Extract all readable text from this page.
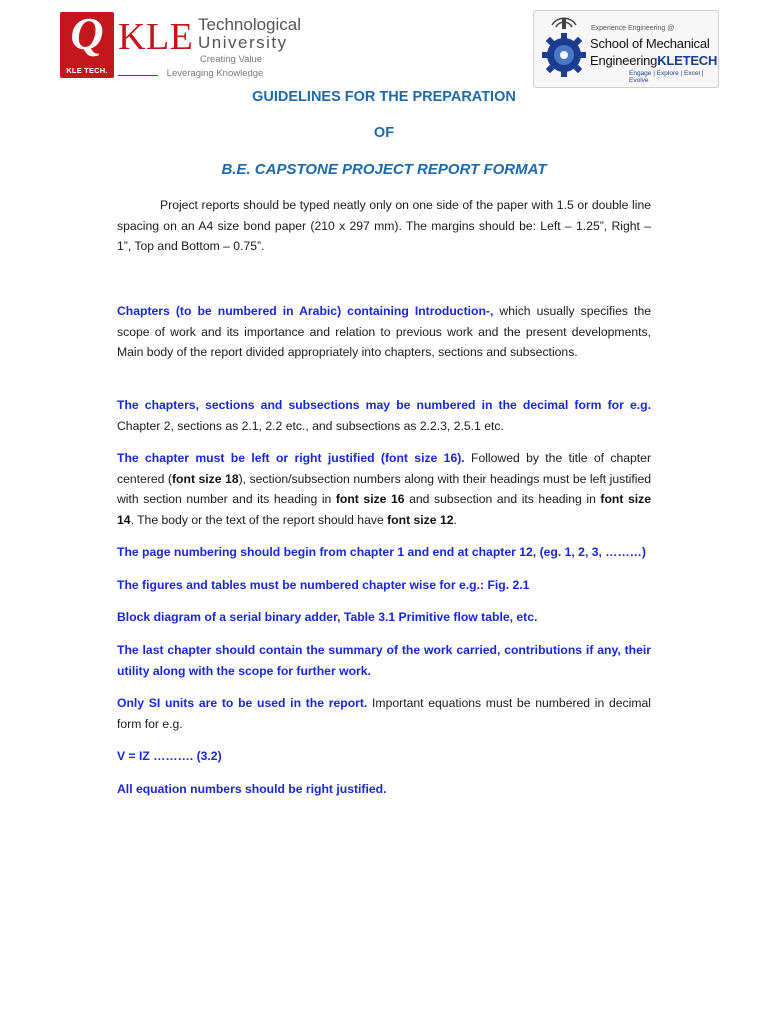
Q
KLE TECH.
KLE Technological
University
Creating Value
Leveraging Knowledge
Experience Engineering @
School of Mechanical
EngineeringKLETECH
Engage | Explore | Excel | Evolve
GUIDELINES FOR THE PREPARATION
OF
B.E. CAPSTONE PROJECT REPORT FORMAT
Project reports should be typed neatly only on one side of the paper with 1.5 or double line spacing on an A4 size bond paper (210 x 297 mm). The margins should be: Left – 1.25”, Right – 1”, Top and Bottom – 0.75”.
Chapters (to be numbered in Arabic) containing Introduction-, which usually specifies the scope of work and its importance and relation to previous work and the present developments, Main body of the report divided appropriately into chapters, sections and subsections.
The chapters, sections and subsections may be numbered in the decimal form for e.g. Chapter 2, sections as 2.1, 2.2 etc., and subsections as 2.2.3, 2.5.1 etc.
The chapter must be left or right justified (font size 16). Followed by the title of chapter centered (font size 18), section/subsection numbers along with their headings must be left justified with section number and its heading in font size 16 and subsection and its heading in font size 14. The body or the text of the report should have font size 12.
The page numbering should begin from chapter 1 and end at chapter 12, (eg. 1, 2, 3, ………)
The figures and tables must be numbered chapter wise for e.g.: Fig. 2.1
Block diagram of a serial binary adder, Table 3.1 Primitive flow table, etc.
The last chapter should contain the summary of the work carried, contributions if any, their utility along with the scope for further work.
Only SI units are to be used in the report. Important equations must be numbered in decimal form for e.g.
V = IZ ………. (3.2)
All equation numbers should be right justified.
